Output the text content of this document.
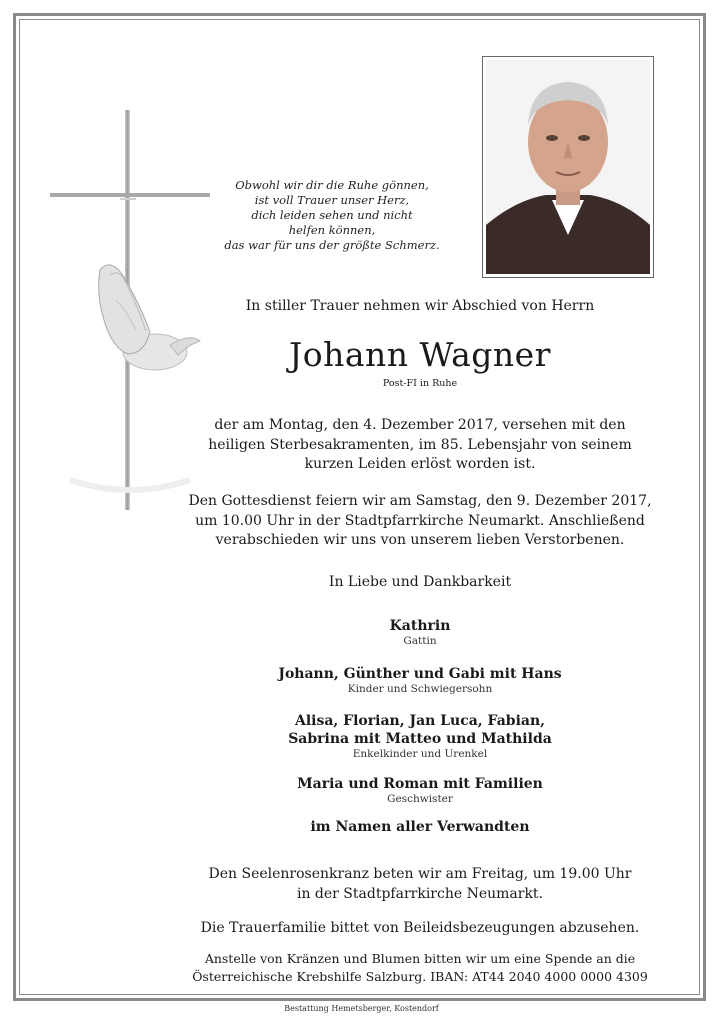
Obwohl wir dir die Ruhe gönnen,
ist voll Trauer unser Herz,
dich leiden sehen und nicht
helfen können,
das war für uns der größte Schmerz.
In stiller Trauer nehmen wir Abschied von Herrn
Johann Wagner
Post-FI in Ruhe
der am Montag, den 4. Dezember 2017, versehen mit den
heiligen Sterbesakramenten, im 85. Lebensjahr von seinem
kurzen Leiden erlöst worden ist.
Den Gottesdienst feiern wir am Samstag, den 9. Dezember 2017,
um 10.00 Uhr in der Stadtpfarrkirche Neumarkt. Anschließend
verabschieden wir uns von unserem lieben Verstorbenen.
In Liebe und Dankbarkeit
Kathrin
Gattin
Johann, Günther und Gabi mit Hans
Kinder und Schwiegersohn
Alisa, Florian, Jan Luca, Fabian,
Sabrina mit Matteo und Mathilda
Enkelkinder und Urenkel
Maria und Roman mit Familien
Geschwister
im Namen aller Verwandten
Den Seelenrosenkranz beten wir am Freitag, um 19.00 Uhr
in der Stadtpfarrkirche Neumarkt.
Die Trauerfamilie bittet von Beileidsbezeugungen abzusehen.
Anstelle von Kränzen und Blumen bitten wir um eine Spende an die
Österreichische Krebshilfe Salzburg. IBAN: AT44 2040 4000 0000 4309
Bestattung Hemetsberger, Kostendorf
